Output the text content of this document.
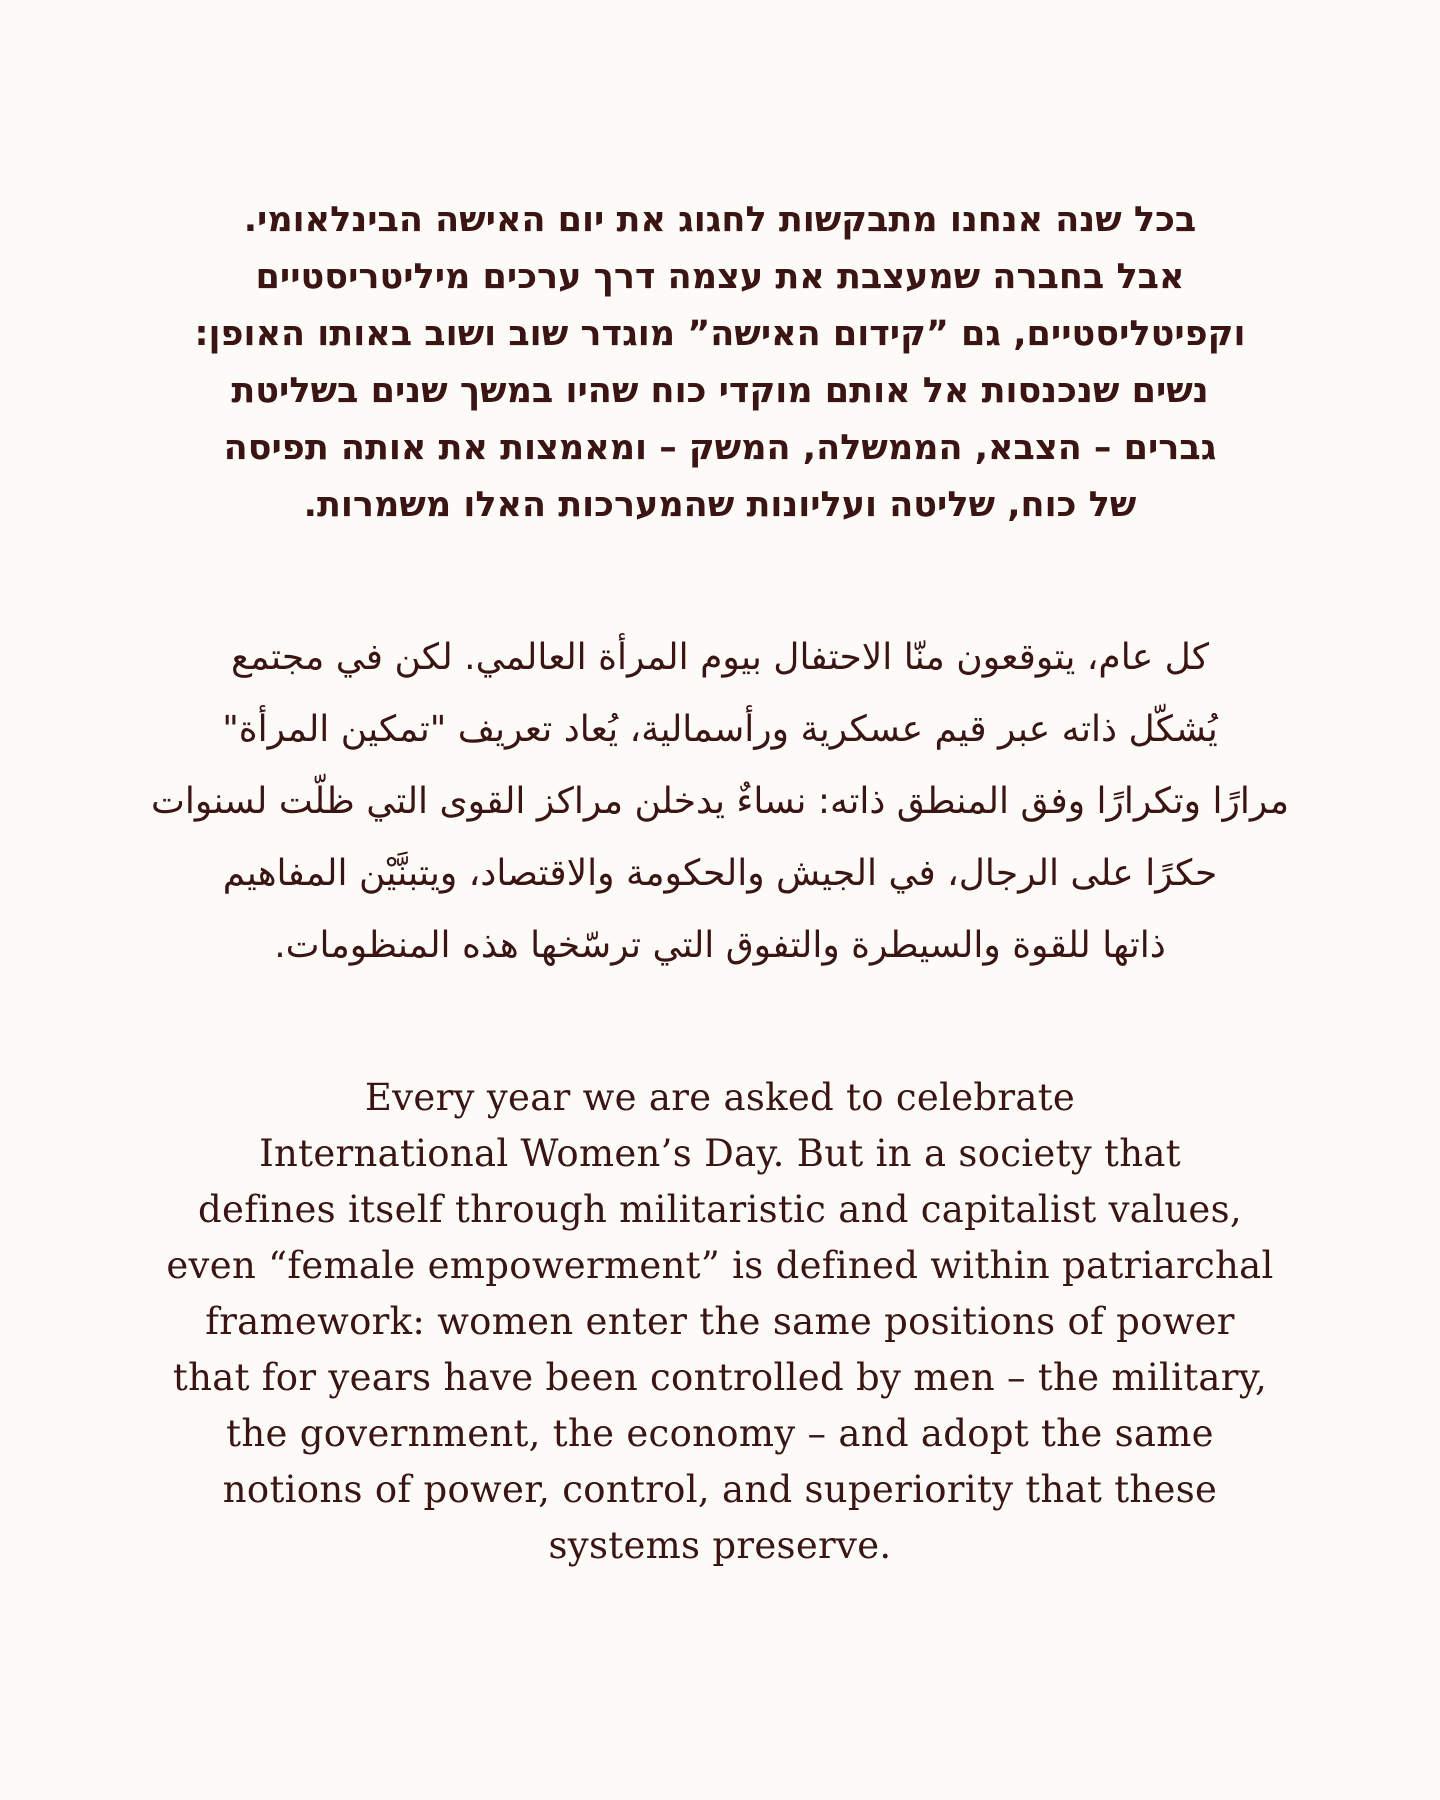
בכל שנה אנחנו מתבקשות לחגוג את יום האישה הבינלאומי.
אבל בחברה שמעצבת את עצמה דרך ערכים מיליטריסטיים
וקפיטליסטיים, גם ”קידום האישה” מוגדר שוב ושוב באותו האופן:
נשים שנכנסות אל אותם מוקדי כוח שהיו במשך שנים בשליטת
גברים – הצבא, הממשלה, המשק – ומאמצות את אותה תפיסה
של כוח, שליטה ועליונות שהמערכות האלו משמרות.
كل عام، يتوقعون منّا الاحتفال بيوم المرأة العالمي. لكن في مجتمع
يُشكّل ذاته عبر قيم عسكرية ورأسمالية، يُعاد تعريف "تمكين المرأة"
مرارًا وتكرارًا وفق المنطق ذاته: نساءٌ يدخلن مراكز القوى التي ظلّت لسنوات
حكرًا على الرجال، في الجيش والحكومة والاقتصاد، ويتبنَّيْن المفاهيم
ذاتها للقوة والسيطرة والتفوق التي ترسّخها هذه المنظومات.
Every year we are asked to celebrate
International Women’s Day. But in a society that
defines itself through militaristic and capitalist values,
even “female empowerment” is defined within patriarchal
framework: women enter the same positions of power
that for years have been controlled by men – the military,
the government, the economy – and adopt the same
notions of power, control, and superiority that these
systems preserve.
